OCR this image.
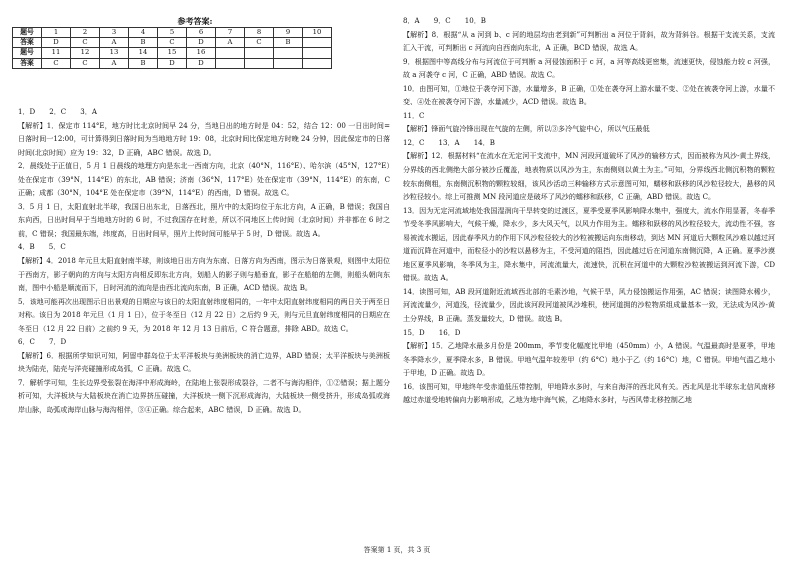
参考答案:
题号	1	2	3	4	5	6	7	8	9	10
答案	D	C	A	B	C	D	A	C	B	
题号	11	12	13	14	15	16				
答案	C	C	A	B	D	D				

1．D　　2．C　　3．A

【解析】1．保定市 114°E，地方时比北京时间早 24 分，当地日出的地方时是 04：52，结合 12：00 一日出时间=日落时间一12:00，可计算得到日落时间为当地地方时 19：08，北京时间比保定地方时晚 24 分钟，因此保定市的日落时间(北京时间）应为 19：32，D 正确，ABC 错误。故选 D。

2．晨线处于正值日，5 月 1 日晨线的地理方向是东北一西南方向，北京（40°N，116°E）、哈尔滨（45°N，127°E）处在保定市（39°N，114°E）的东北，AB 错误；济南（36°N，117°E）处在保定市（39°N，114°E）的东南，C 正确；成都（30°N，104°E 处在保定市（39°N，114°E）的西南，D 错误。故选 C。

3．5 月 1 日，太阳直射北半球，我国日出东北，日落西北，照片中的太阳均位于东北方向，A 正确，B 错误；我国自东向西，日出时间早于当地地方时的 6 时，不过我国存在时差，所以不同地区上传时间（北京时间）并非都在 6 时之前，C 错误；我国最东端，纬度高，日出时间早，照片上传时间可能早于 5 时，D 错误。故选 A。

4．B　　5．C

【解析】4．2018 年元旦太阳直射南半球，则该地日出方向为东南、日落方向为西南，图示为日落景观，则图中太阳位于西南方，影子朝向的方向与太阳方向相反即东北方向，划船人的影子则与船垂直，影子在船舶的左侧，则船头朝向东南，图中小船是顺流而下，日时河流的流向是由西北流向东南，B 正确，ACD 错误。故选 B。

5．该地可能再次出现图示日出景观的日期应与该日的太阳直射纬度相同的，一年中太阳直射纬度相同的两日关于两至日对称。该日为 2018 年元旦（1 月 1 日），位于冬至日（12 月 22 日）之后约 9 天，则与元旦直射纬度相同的日期应在冬至日（12 月 22 日前）之前约 9 天，为 2018 年 12 月 13 日前后，C 符合题意，排除 ABD。故选 C。

6．C　　7．D

【解析】6．根据所学知识可知，阿留申群岛位于太平洋板块与美洲板块的消亡边界，ABD 错误；太平洋板块与美洲板块为陆壳，陆壳与洋壳碰撞形成岛弧，C 正确。故选 C。

7．解析学可知，生长边界受张裂在海洋中形成海岭，在陆地上张裂形成裂谷，二者不与海沟相伴，①②错误；据上题分析可知，大洋板块与大陆板块在消亡边界挤压碰撞，大洋板块一侧下沉形成海沟，大陆板块一侧受挤升，形成岛弧或海岸山脉，岛弧或海岸山脉与海沟相伴，③④正确。综合起来，ABC 错误，D 正确。故选 D。

8．A　　9．C　　10．B

【解析】8．根据“从 a 河到 b、c 河的地层均由老到新”可判断出 a 河位于背斜，故为背斜谷。根据干支流关系，支流汇入干流，可判断出 c 河流向自西南向东北，A 正确，BCD 错误，故选 A。

9．根据图中等高线分布与河流位于可判断 a 河侵蚀面积于 c 河，a 河等高线更密集，流速更快，侵蚀能力较 c 河强，故 a 河袭夺 c 河，C 正确，ABD 错误。故选 C。

10．由图可知，①地位于袭夺河下游，水量增多，B 正确，①处在袭夺河上游水量不变、②处在被袭夺河上游，水量不变、④处在被袭夺河下游，水量减少，ACD 错误。故选 B。

11．C

【解析】锋面气旋冷锋出现在气旋的左侧，所以③多冷气旋中心，所以气压最低

12．C　　13．A　　14．B

【解析】12．根据材料“在流水在无定河干支流中，MN 河段河道破坏了风沙的输移方式，因而被称为风沙-黄土界线，分界线的西北侧绝大部分被沙丘覆盖，地表物质以风沙为主，东南侧则以黄土为主。”可知，分界线西北侧沉积物的颗粒较东南侧粗，东南侧沉积物的颗粒较细，该风沙活动三种输移方式示意图可知，蠕移和跃移的风沙粒径较大，悬移的风沙粒径较小。综上可推测 MN 段河道应是破坏了风沙的蠕移和跃移，C 正确，ABD 错误。故选 C。

13．因为无定河流域地处我国湿润向干旱转变的过渡区，夏季受夏季风影响降水集中，强度大，流水作用显著，冬春季节受冬季风影响大，气候干燥，降水少，多大风天气，以风力作用为主。蠕移和跃移的风沙粒径较大，流动性不强，容易被流水搬运，因此春季风力的作用下风沙粒径较大的沙粒被搬运向东南移动，到达 MN 河道后大颗粒风沙难以越过河道而沉降在河道中，而粒径小的沙粒以悬移为主，不受河道的阻挡，因此越过后在河道东南侧沉降，A 正确。夏季沙漠地区夏季风影响，冬季风为主，降水集中，河流流量大，流速快，沉积在河道中的大颗粒沙粒被搬运到河流下游，CD 错误。故选 A。

14．读图可知，AB 段河道附近流域西北部的毛素沙地，气候干旱，风力侵蚀搬运作用强，AC 错误；读图降水稀少，河流流量少，河道浅，径流量少，因此该河段河道被风沙堆积，使河道拥的沙粒物质组成量基本一致，无法成为风沙-黄土分界线，B 正确。蒸发量较大，D 错误。故选 B。

15．D　　16．D

【解析】15．乙地降水最多月份是 200mm，季节变化幅度比甲地（450mm）小，A 错误。气温最高时是夏季，甲地冬季降水少，夏季降水多，B 错误。甲地气温年较差甲（约 6°C）地小于乙（约 16°C）地，C 错误。甲地气温乙地小于甲地，D 正确。故选 D。

16．该图可知，甲地终年受赤道低压带控制，甲地降水多时，与来自海洋的西北风有关。西北风是北半球东北信风南移越过赤道受地转偏向力影响形成，乙地为地中海气候，乙地降水多时，与西风带北移控制乙地

答案第 1 页，共 3 页
